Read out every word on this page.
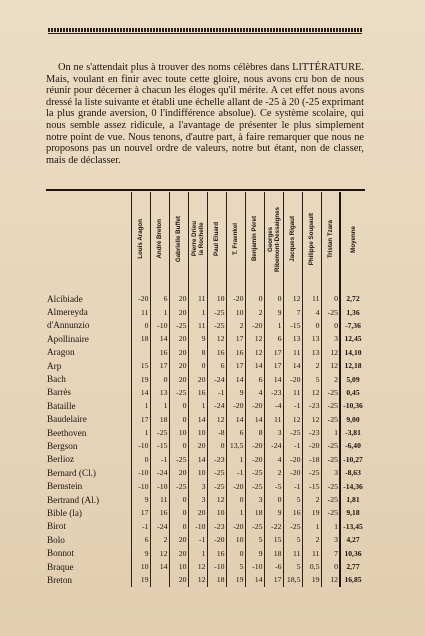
On ne s'attendait plus à trouver des noms célèbres dans LITTÉRATURE. Mais, voulant en finir avec toute cette gloire, nous avons cru bon de nous réunir pour décerner à chacun les éloges qu'il mérite. A cet effet nous avons dressé la liste suivante et établi une échelle allant de -25 à 20 (-25 exprimant la plus grande aversion, 0 l'indifférence absolue). Ce système scolaire, qui nous semble assez ridicule, a l'avantage de présenter le plus simplement notre point de vue. Nous tenons, d'autre part, à faire remarquer que nous ne proposons pas un nouvel ordre de valeurs, notre but étant, non de classer, mais de déclasser.

	Louis Aragon	André Breton	Gabrielle Buffet	Pierre Drieu
la Rochelle	Paul Eluard	T. Fraenkel	Benjamin Péret	Georges
Ribemont-Dessaignes	Jacques Rigaut	Philippe Soupault	Tristan Tzara	Moyenne

Alcibiade	-20	6	20	11	10	-20	0	0	12	11	0	2,72
Almereyda	11	1	20	1	-25	10	2	9	7	4	-25	1,36
d'Annunzio	0	-10	-25	11	-25	2	-20	1	-15	0	0	-7,36
Apollinaire	18	14	20	9	12	17	12	6	13	13	3	12,45
Aragon		16	20	8	16	16	12	17	11	13	12	14,10
Arp	15	17	20	0	6	17	14	17	14	2	12	12,18
Bach	19	0	20	20	-24	14	6	14	-20	5	2	5,09
Barrès	14	13	-25	16	-1	9	4	-23	11	12	-25	0,45
Bataille	1	1	0	1	-24	-20	-20	-4	-1	-23	-25	-10,36
Baudelaire	17	18	0	14	12	14	14	11	12	12	-25	9,00
Beethoven	1	-25	10	10	-8	6	8	3	-25	-23	1	-3,81
Bergson	-10	-15	0	20	0	13,5	-20	-24	-1	-20	-25	-6,40
Berlioz	0	-1	-25	14	-23	1	-20	4	-20	-18	-25	-10,27
Bernard (Cl.)	-10	-24	20	10	-25	-1	-25	2	-20	-25	3	-8,63
Bernstein	-10	-10	-25	3	-25	-20	-25	-5	-1	-15	-25	-14,36
Bertrand (Al.)	9	11	0	3	12	0	3	0	5	2	-25	1,81
Bible (la)	17	16	0	20	10	1	18	9	16	19	-25	9,18
Birot	-1	-24	0	-10	-23	-20	-25	-22	-25	1	1	-13,45
Bolo	6	2	20	-1	-20	10	5	15	5	2	3	4,27
Bonnot	9	12	20	1	16	0	9	18	11	11	7	10,36
Braque	10	14	10	12	-10	5	-10	-6	5	0,5	0	2,77
Breton	19		20	12	18	19	14	17	18,5	19	12	16,85
